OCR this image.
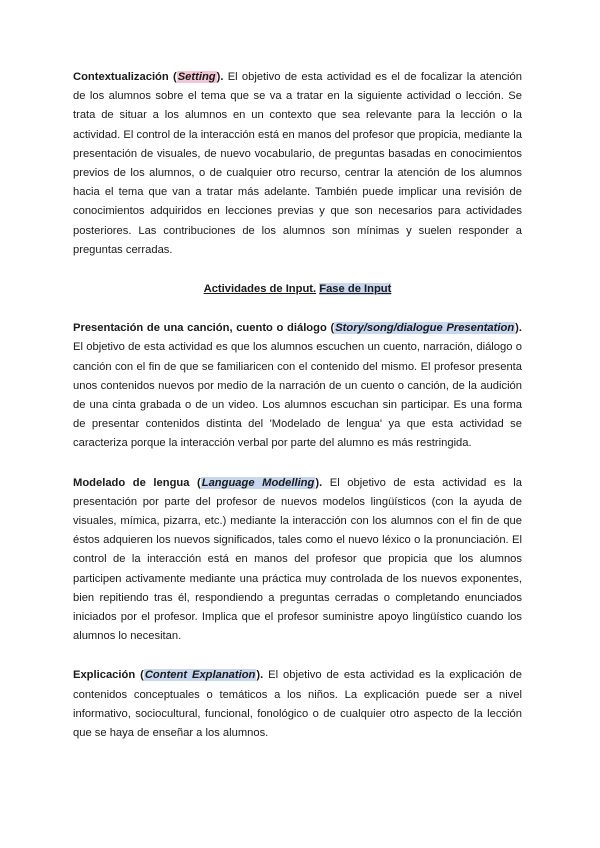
Contextualización (Setting). El objetivo de esta actividad es el de focalizar la atención de los alumnos sobre el tema que se va a tratar en la siguiente actividad o lección. Se trata de situar a los alumnos en un contexto que sea relevante para la lección o la actividad. El control de la interacción está en manos del profesor que propicia, mediante la presentación de visuales, de nuevo vocabulario, de preguntas basadas en conocimientos previos de los alumnos, o de cualquier otro recurso, centrar la atención de los alumnos hacia el tema que van a tratar más adelante. También puede implicar una revisión de conocimientos adquiridos en lecciones previas y que son necesarios para actividades posteriores. Las contribuciones de los alumnos son mínimas y suelen responder a preguntas cerradas.

Actividades de Input. Fase de Input

Presentación de una canción, cuento o diálogo (Story/song/dialogue Presentation). El objetivo de esta actividad es que los alumnos escuchen un cuento, narración, diálogo o canción con el fin de que se familiaricen con el contenido del mismo. El profesor presenta unos contenidos nuevos por medio de la narración de un cuento o canción, de la audición de una cinta grabada o de un video. Los alumnos escuchan sin participar. Es una forma de presentar contenidos distinta del 'Modelado de lengua' ya que esta actividad se caracteriza porque la interacción verbal por parte del alumno es más restringida.

Modelado de lengua (Language Modelling). El objetivo de esta actividad es la presentación por parte del profesor de nuevos modelos lingüísticos (con la ayuda de visuales, mímica, pizarra, etc.) mediante la interacción con los alumnos con el fin de que éstos adquieren los nuevos significados, tales como el nuevo léxico o la pronunciación. El control de la interacción está en manos del profesor que propicia que los alumnos participen activamente mediante una práctica muy controlada de los nuevos exponentes, bien repitiendo tras él, respondiendo a preguntas cerradas o completando enunciados iniciados por el profesor. Implica que el profesor suministre apoyo lingüístico cuando los alumnos lo necesitan.

Explicación (Content Explanation). El objetivo de esta actividad es la explicación de contenidos conceptuales o temáticos a los niños. La explicación puede ser a nivel informativo, sociocultural, funcional, fonológico o de cualquier otro aspecto de la lección que se haya de enseñar a los alumnos.
